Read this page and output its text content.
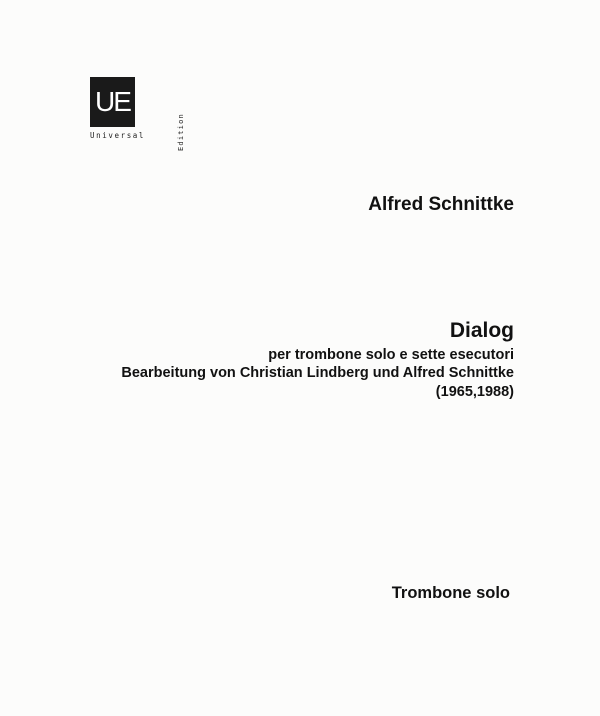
UE
Edition
Universal
Alfred Schnittke
Dialog
per trombone solo e sette esecutori
Bearbeitung von Christian Lindberg und Alfred Schnittke
(1965,1988)
Trombone solo
